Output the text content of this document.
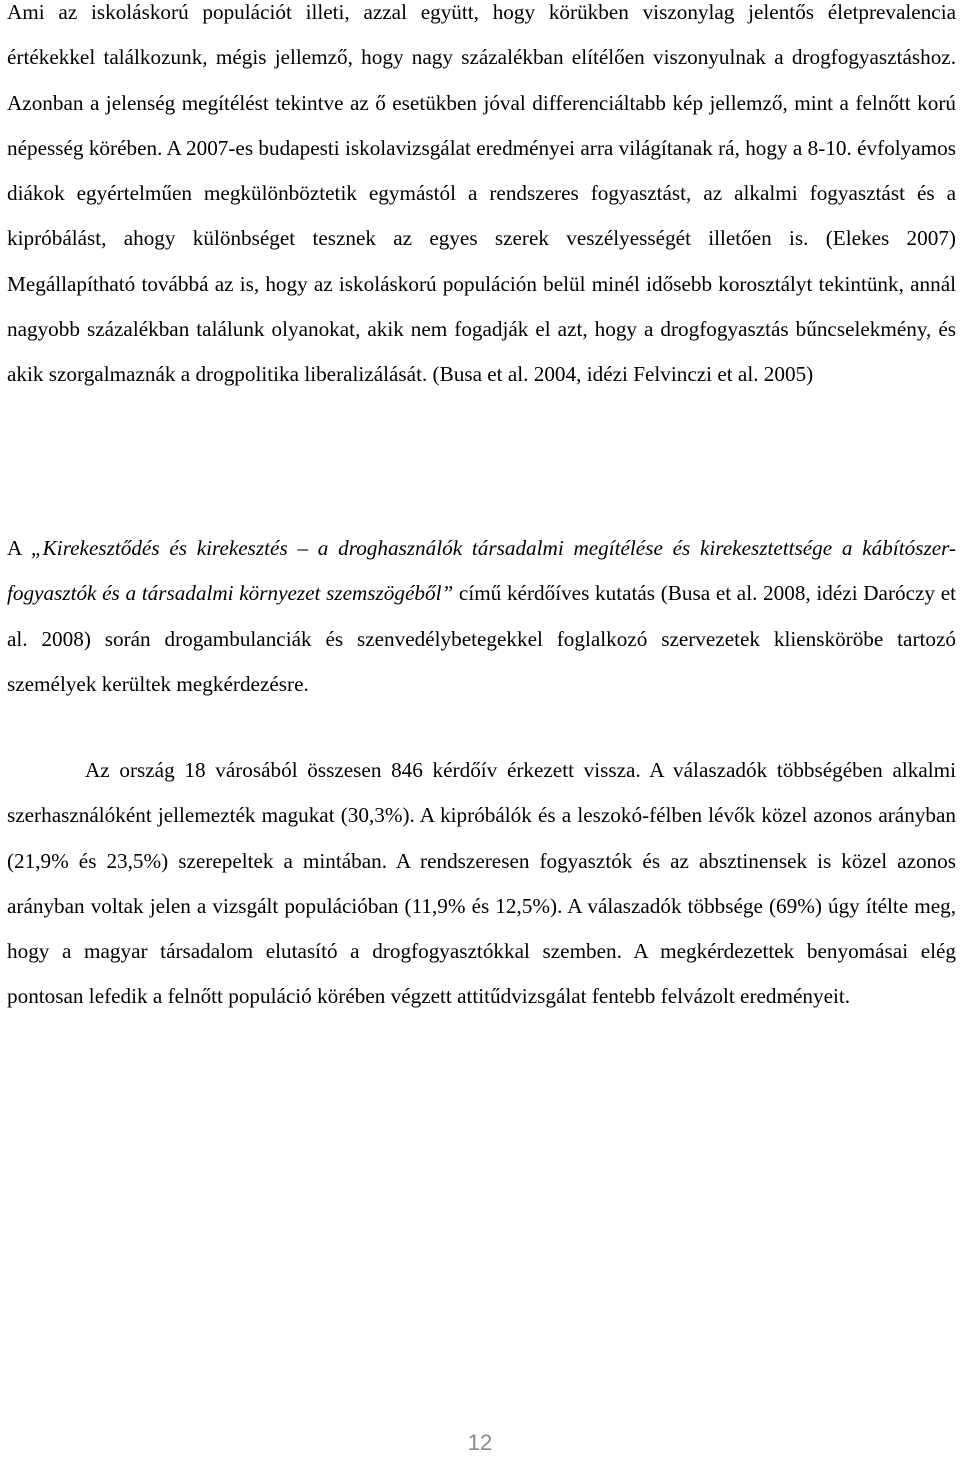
Ami az iskoláskorú populációt illeti, azzal együtt, hogy körükben viszonylag jelentős életprevalencia értékekkel találkozunk, mégis jellemző, hogy nagy százalékban elítélően viszonyulnak a drogfogyasztáshoz. Azonban a jelenség megítélést tekintve az ő esetükben jóval differenciáltabb kép jellemző, mint a felnőtt korú népesség körében. A 2007-es budapesti iskolavizsgálat eredményei arra világítanak rá, hogy a 8-10. évfolyamos diákok egyértelműen megkülönböztetik egymástól a rendszeres fogyasztást, az alkalmi fogyasztást és a kipróbálást, ahogy különbséget tesznek az egyes szerek veszélyességét illetően is. (Elekes 2007) Megállapítható továbbá az is, hogy az iskoláskorú populáción belül minél idősebb korosztályt tekintünk, annál nagyobb százalékban találunk olyanokat, akik nem fogadják el azt, hogy a drogfogyasztás bűncselekmény, és akik szorgalmaznák a drogpolitika liberalizálását. (Busa et al. 2004, idézi Felvinczi et al. 2005)

A „Kirekesztődés és kirekesztés – a droghasználók társadalmi megítélése és kirekesztettsége a kábítószer-fogyasztók és a társadalmi környezet szemszögéből” című kérdőíves kutatás (Busa et al. 2008, idézi Daróczy et al. 2008) során drogambulanciák és szenvedélybetegekkel foglalkozó szervezetek kliensköröbe tartozó személyek kerültek megkérdezésre.

Az ország 18 városából összesen 846 kérdőív érkezett vissza. A válaszadók többségében alkalmi szerhasználóként jellemezték magukat (30,3%). A kipróbálók és a leszokó-félben lévők közel azonos arányban (21,9% és 23,5%) szerepeltek a mintában. A rendszeresen fogyasztók és az absztinensek is közel azonos arányban voltak jelen a vizsgált populációban (11,9% és 12,5%). A válaszadók többsége (69%) úgy ítélte meg, hogy a magyar társadalom elutasító a drogfogyasztókkal szemben. A megkérdezettek benyomásai elég pontosan lefedik a felnőtt populáció körében végzett attitűdvizsgálat fentebb felvázolt eredményeit.

12
